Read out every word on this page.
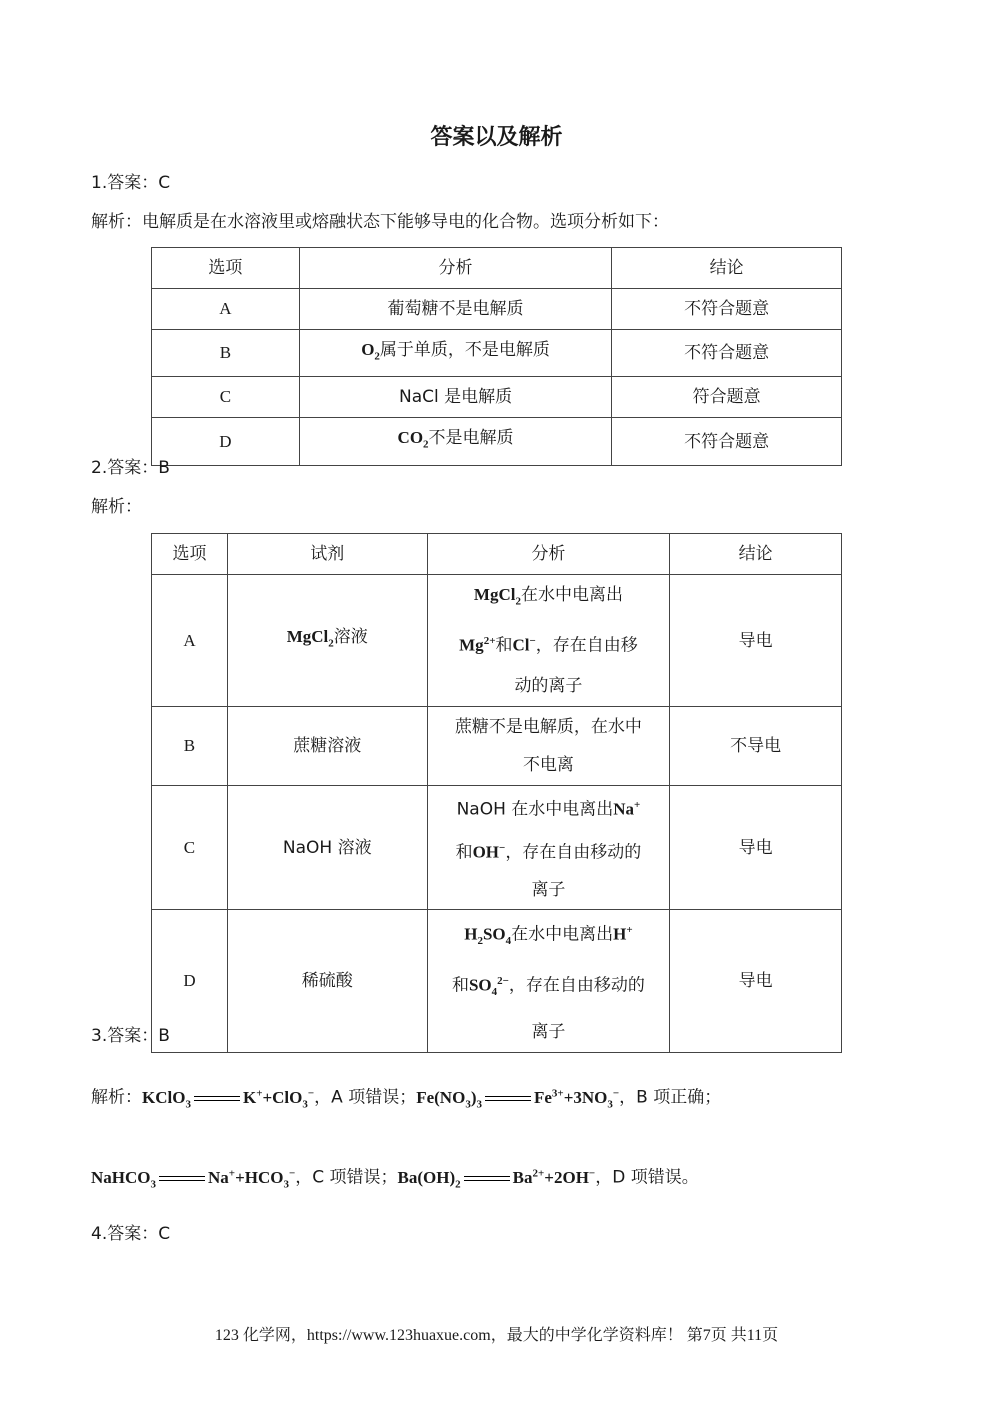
答案以及解析
1.答案：C
解析：电解质是在水溶液里或熔融状态下能够导电的化合物。选项分析如下：
选项	分析	结论
A	葡萄糖不是电解质	不符合题意
B	$O_2$属于单质，不是电解质	不符合题意
C	NaCl 是电解质	符合题意
D	$CO_2$不是电解质	不符合题意
2.答案：B
解析：
选项	试剂	分析	结论
A	MgCl$_2$溶液	MgCl$_2$在水中电离出
$Mg^{2+}$和Cl−，存在自由移
动的离子	导电
B	蔗糖溶液	蔗糖不是电解质，在水中
不电离	不导电
C	NaOH 溶液	NaOH 在水中电离出Na+
和OH−，存在自由移动的
离子	导电
D	稀硫酸	$H_2SO_4$在水中电离出H+
和$SO_4^{2-}$，存在自由移动的
离子	导电
3.答案：B
解析：KClO$_3$	K++ClO$_3$−，A 项错误；$Fe(NO_3)_3$	$Fe^{3+}+3NO_3^-$，B 项正确；
NaHCO$_3$	$Na^++HCO_3^-$，C 项错误；$Ba(OH)_2$	$Ba^{2+}+2OH^-$，D 项错误。
4.答案：C
123 化学网，https://www.123huaxue.com，最大的中学化学资料库！ 第7页 共11页
